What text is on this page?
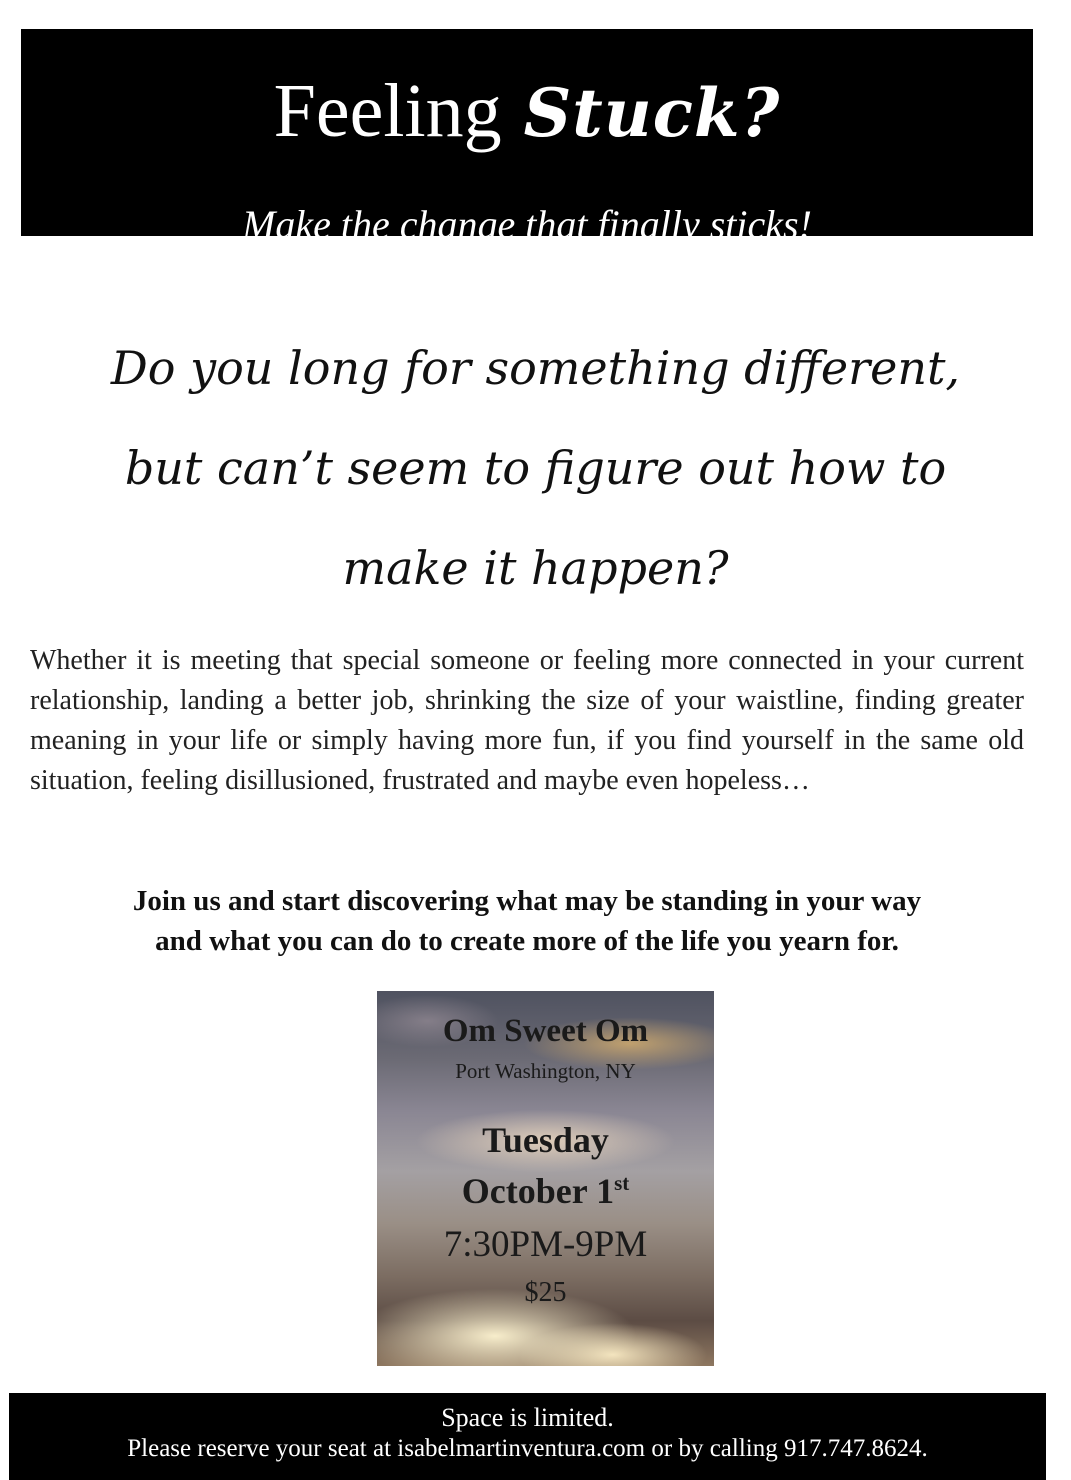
Feeling Stuck?
Make the change that finally sticks!
Do you long for something different,
but can’t seem to figure out how to
make it happen?
Whether it is meeting that special someone or feeling more connected in your current relationship, landing a better job, shrinking the size of your waistline, finding greater meaning in your life or simply having more fun, if you find yourself in the same old situation, feeling disillusioned, frustrated and maybe even hopeless…
Join us and start discovering what may be standing in your way
and what you can do to create more of the life you yearn for.
Om Sweet Om
Port Washington, NY
Tuesday
October 1st
7:30PM-9PM
$25
Space is limited.
Please reserve your seat at isabelmartinventura.com or by calling 917.747.8624.
